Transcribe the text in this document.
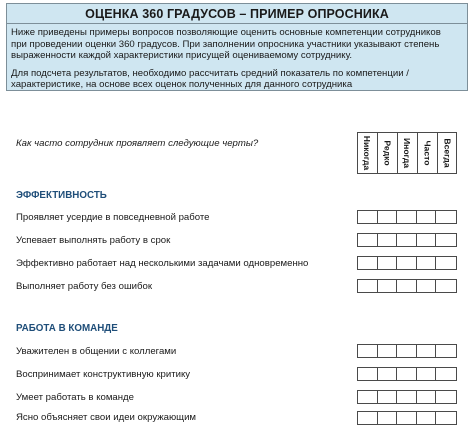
ОЦЕНКА 360 ГРАДУСОВ – ПРИМЕР ОПРОСНИКА

Ниже приведены примеры вопросов позволяющие оценить основные компетенции сотрудников

при проведении оценки 360 градусов. При заполнении опросника участники указывают степень

выраженности каждой характеристики присущей оцениваемому сотруднику.

Для подсчета результатов, необходимо рассчитать средний показатель по компетенции /

характеристике, на основе всех оценок полученных для данного сотрудника

Как часто сотрудник проявляет следующие черты?	Никогда Редко Иногда Часто Всегда
ЭФФЕКТИВНОСТЬ
Проявляет усердие в повседневной работе
Успевает выполнять работу в срок
Эффективно работает над несколькими задачами одновременно
Выполняет работу без ошибок
РАБОТА В КОМАНДЕ
Уважителен в общении с коллегами
Воспринимает конструктивную критику
Умеет работать в команде
Ясно объясняет свои идеи окружающим
